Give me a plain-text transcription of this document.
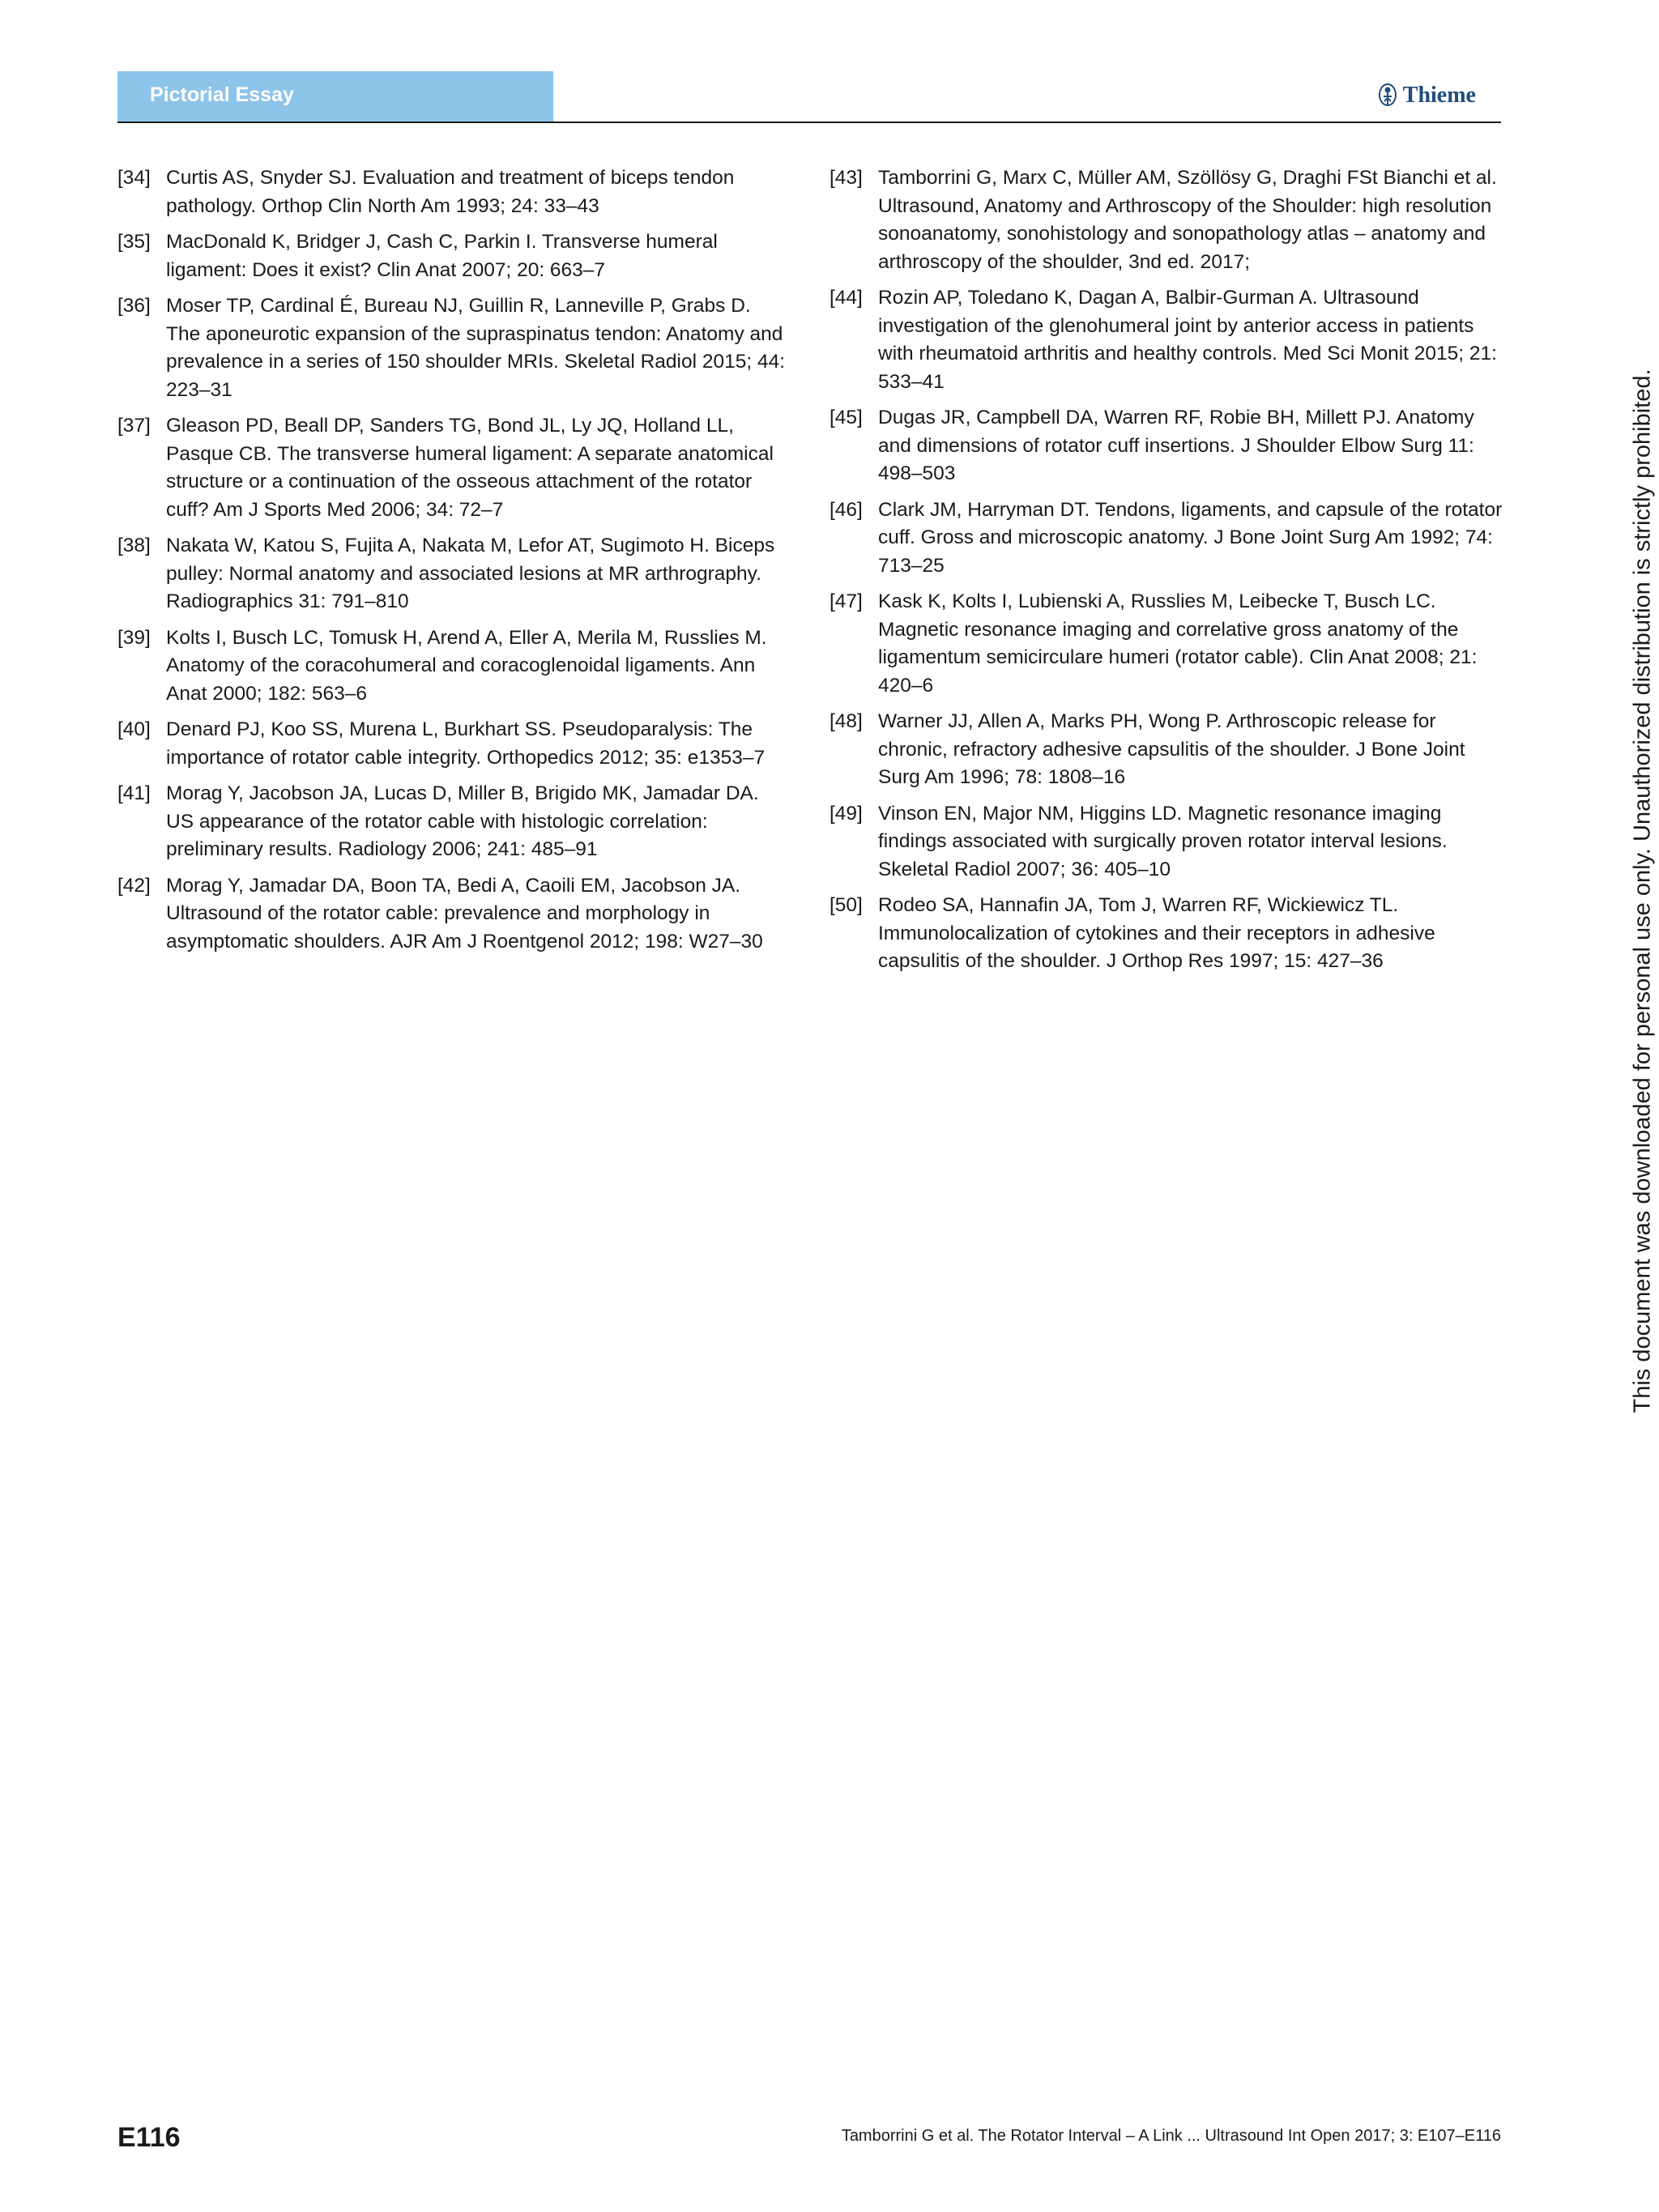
Pictorial Essay	Thieme
[34] Curtis AS, Snyder SJ. Evaluation and treatment of biceps tendon pathology. Orthop Clin North Am 1993; 24: 33–43
[35] MacDonald K, Bridger J, Cash C, Parkin I. Transverse humeral ligament: Does it exist? Clin Anat 2007; 20: 663–7
[36] Moser TP, Cardinal É, Bureau NJ, Guillin R, Lanneville P, Grabs D. The aponeurotic expansion of the supraspinatus tendon: Anatomy and prevalence in a series of 150 shoulder MRIs. Skeletal Radiol 2015; 44: 223–31
[37] Gleason PD, Beall DP, Sanders TG, Bond JL, Ly JQ, Holland LL, Pasque CB. The transverse humeral ligament: A separate anatomical structure or a continuation of the osseous attachment of the rotator cuff? Am J Sports Med 2006; 34: 72–7
[38] Nakata W, Katou S, Fujita A, Nakata M, Lefor AT, Sugimoto H. Biceps pulley: Normal anatomy and associated lesions at MR arthrography. Radiographics 31: 791–810
[39] Kolts I, Busch LC, Tomusk H, Arend A, Eller A, Merila M, Russlies M. Anatomy of the coracohumeral and coracoglenoidal ligaments. Ann Anat 2000; 182: 563–6
[40] Denard PJ, Koo SS, Murena L, Burkhart SS. Pseudoparalysis: The importance of rotator cable integrity. Orthopedics 2012; 35: e1353–7
[41] Morag Y, Jacobson JA, Lucas D, Miller B, Brigido MK, Jamadar DA. US appearance of the rotator cable with histologic correlation: preliminary results. Radiology 2006; 241: 485–91
[42] Morag Y, Jamadar DA, Boon TA, Bedi A, Caoili EM, Jacobson JA. Ultrasound of the rotator cable: prevalence and morphology in asymptomatic shoulders. AJR Am J Roentgenol 2012; 198: W27–30
[43] Tamborrini G, Marx C, Müller AM, Szöllösy G, Draghi FSt Bianchi et al. Ultrasound, Anatomy and Arthroscopy of the Shoulder: high resolution sonoanatomy, sonohistology and sonopathology atlas – anatomy and arthroscopy of the shoulder, 3nd ed. 2017;
[44] Rozin AP, Toledano K, Dagan A, Balbir-Gurman A. Ultrasound investigation of the glenohumeral joint by anterior access in patients with rheumatoid arthritis and healthy controls. Med Sci Monit 2015; 21: 533–41
[45] Dugas JR, Campbell DA, Warren RF, Robie BH, Millett PJ. Anatomy and dimensions of rotator cuff insertions. J Shoulder Elbow Surg 11: 498–503
[46] Clark JM, Harryman DT. Tendons, ligaments, and capsule of the rotator cuff. Gross and microscopic anatomy. J Bone Joint Surg Am 1992; 74: 713–25
[47] Kask K, Kolts I, Lubienski A, Russlies M, Leibecke T, Busch LC. Magnetic resonance imaging and correlative gross anatomy of the ligamentum semicirculare humeri (rotator cable). Clin Anat 2008; 21: 420–6
[48] Warner JJ, Allen A, Marks PH, Wong P. Arthroscopic release for chronic, refractory adhesive capsulitis of the shoulder. J Bone Joint Surg Am 1996; 78: 1808–16
[49] Vinson EN, Major NM, Higgins LD. Magnetic resonance imaging findings associated with surgically proven rotator interval lesions. Skeletal Radiol 2007; 36: 405–10
[50] Rodeo SA, Hannafin JA, Tom J, Warren RF, Wickiewicz TL. Immunolocalization of cytokines and their receptors in adhesive capsulitis of the shoulder. J Orthop Res 1997; 15: 427–36	This document was downloaded for personal use only. Unauthorized distribution is strictly prohibited.
E116	Tamborrini G et al. The Rotator Interval – A Link ... Ultrasound Int Open 2017; 3: E107–E116
